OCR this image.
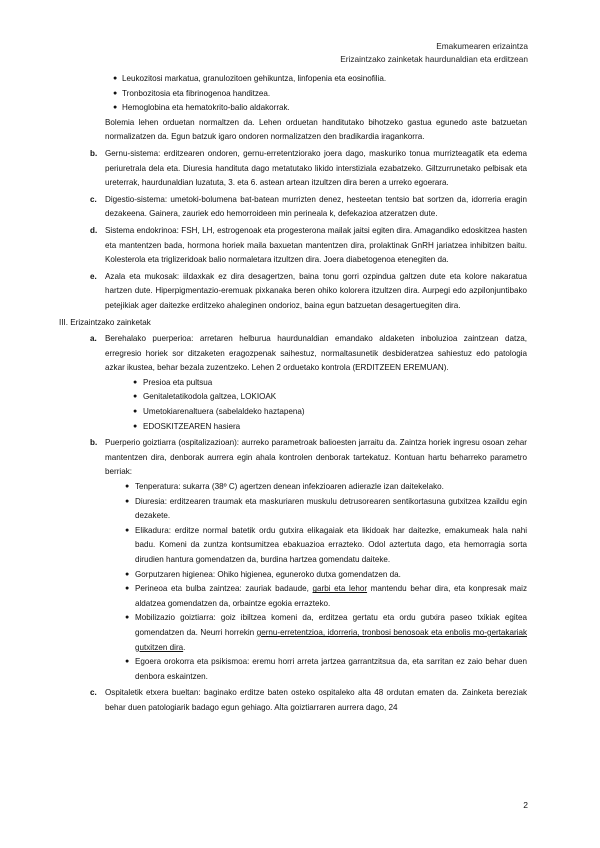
Emakumearen erizaintza
Erizaintzako zainketak haurdunaldian eta erditzean

● Leukozitosi markatua, granulozitoen gehikuntza, linfopenia eta eosinofilia.

● Tronbozitosia eta fibrinogenoa handitzea.

● Hemoglobina eta hematokrito-balio aldakorrak.

Bolemia lehen orduetan normaltzen da. Lehen orduetan handitutako bihotzeko gastua egunedo aste batzuetan normalizatzen da. Egun batzuk igaro ondoren normalizatzen den bradikardia iragankorra.

b. Gernu-sistema: erditzearen ondoren, gernu-erretentziorako joera dago, maskuriko tonua murrizteagatik eta edema periuretrala dela eta. Diuresia handituta dago metatutako likido interstiziala ezabatzeko. Giltzurrunetako pelbisak eta ureterrak, haurdunaldian luzatuta, 3. eta 6. astean artean itzultzen dira beren a urreko egoerara.

c. Digestio-sistema: umetoki-bolumena bat-batean murrizten denez, hesteetan tentsio bat sortzen da, idorreria eragin dezakeena. Gainera, zauriek edo hemorroideen min perineala k, defekazioa atzeratzen dute.

d. Sistema endokrinoa: FSH, LH, estrogenoak eta progesterona mailak jaitsi egiten dira. Amagandiko edoskitzea hasten eta mantentzen bada, hormona horiek maila baxuetan mantentzen dira, prolaktinak GnRH jariatzea inhibitzen baitu. Kolesterola eta triglizeridoak balio normaletara itzultzen dira. Joera diabetogenoa etenegiten da.

e. Azala eta mukosak: iildaxkak ez dira desagertzen, baina tonu gorri ozpindua galtzen dute eta kolore nakaratua hartzen dute. Hiperpigmentazio-eremuak pixkanaka beren ohiko kolorera itzultzen dira. Aurpegi edo azpilonjuntibako petejikiak ager daitezke erditzeko ahaleginen ondorioz, baina egun batzuetan desagertuegiten dira.

III. Erizaintzako zainketak
a. Berehalako puerperioa: arretaren helburua haurdunaldian emandako aldaketen inboluzioa zaintzean datza, erregresio horiek sor ditzaketen eragozpenak saihestuz, normaltasunetik desbideratzea sahiestuz edo patologia azkar ikustea, behar bezala zuzentzeko. Lehen 2 orduetako kontrola (ERDITZEEN EREMUAN).

● Presioa eta pultsua

● Genitaletatikodola galtzea, LOKIOAK

● Umetokiarenaltuera (sabelaldeko haztapena)

● EDOSKITZEAREN hasiera

b. Puerperio goiztiarra (ospitalizazioan): aurreko parametroak balioesten jarraitu da. Zaintza horiek ingresu osoan zehar mantentzen dira, denborak aurrera egin ahala kontrolen denborak tartekatuz. Kontuan hartu beharreko parametro berriak:

● Tenperatura: sukarra (38º C) agertzen denean infekzioaren adierazle izan daitekelako.

● Diuresia: erditzearen traumak eta maskuriaren muskulu detrusorearen sentikortasuna gutxitzea kzaildu egin dezakete.

● Elikadura: erditze normal batetik ordu gutxira elikagaiak eta likidoak har daitezke, emakumeak hala nahi badu. Komeni da zuntza kontsumitzea ebakuazioa errazteko. Odol aztertuta dago, eta hemorragia sorta dirudien hantura gomendatzen da, burdina hartzea gomendatu daiteke.

● Gorputzaren higienea: Ohiko higienea, eguneroko dutxa gomendatzen da.

● Perineoa eta bulba zaintzea: zauriak badaude, garbi eta lehor mantendu behar dira, eta konpresak maiz aldatzea gomendatzen da, orbaintze egokia errazteko.

● Mobilizazio goiztiarra: goiz ibiltzea komeni da, erditzea gertatu eta ordu gutxira paseo txikiak egitea gomendatzen da. Neurri horrekin gernu-erretentzioa, idorreria, tronbosi benosoak eta enbolis mo-gertakariak gutxitzen dira.

● Egoera orokorra eta psikismoa: eremu horri arreta jartzea garrantzitsua da, eta sarritan ez zaio behar duen denbora eskaintzen.

c. Ospitaletik etxera bueltan: baginako erditze baten osteko ospitaleko alta 48 ordutan ematen da. Zainketa bereziak behar duen patologiarik badago egun gehiago. Alta goiztiarraren aurrera dago, 24

2
